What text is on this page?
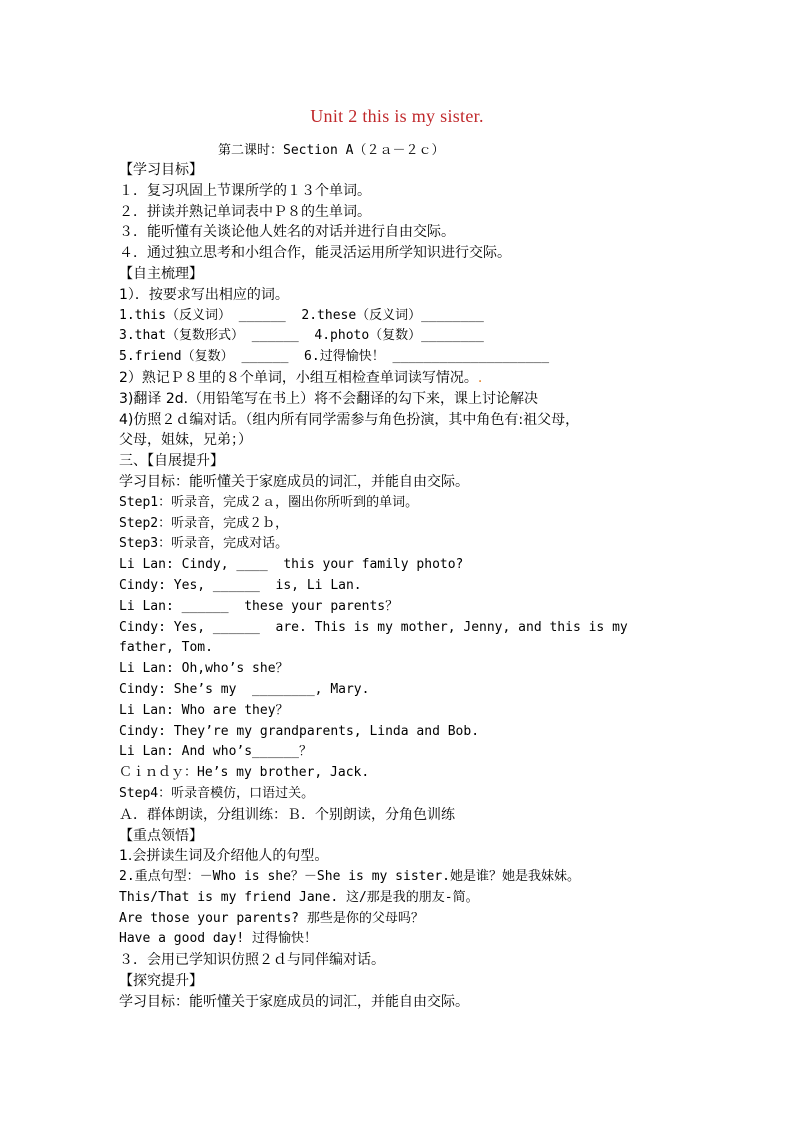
Unit 2 this is my sister.
第二课时：Section A（２ａ－２ｃ）
【学习目标】
１．复习巩固上节课所学的１３个单词。
２．拼读并熟记单词表中Ｐ８的生单词。
３．能听懂有关谈论他人姓名的对话并进行自由交际。
４．通过独立思考和小组合作，能灵活运用所学知识进行交际。
【自主梳理】
1）．按要求写出相应的词。
1.this（反义词） ______  2.these（反义词）________
3.that（复数形式） ______  4.photo（复数）________
5.friend（复数） ______  6.过得愉快！ ____________________
2）熟记Ｐ８里的８个单词，小组互相检查单词读写情况。.
3)翻译 2d.（用铅笔写在书上）将不会翻译的勾下来，课上讨论解决
4)仿照２ｄ编对话。（组内所有同学需参与角色扮演，其中角色有:祖父母，
父母，姐妹，兄弟；）
三、【自展提升】
学习目标：能听懂关于家庭成员的词汇，并能自由交际。
Step1：听录音，完成２ａ，圈出你所听到的单词。
Step2：听录音，完成２ｂ，
Step3：听录音，完成对话。
Li Lan: Cindy, ____  this your family photo?
Cindy: Yes, ______  is, Li Lan.
Li Lan: ______  these your parents？
Cindy: Yes, ______  are. This is my mother, Jenny, and this is my
father, Tom.
Li Lan: Oh,who’s she？
Cindy: She’s my  ________, Mary.
Li Lan: Who are they？
Cindy: They’re my grandparents, Linda and Bob.
Li Lan: And who’s______？
Ｃｉｎｄｙ：He’s my brother, Jack.
Step4：听录音模仿，口语过关。
Ａ．群体朗读，分组训练：Ｂ．个别朗读，分角色训练
【重点领悟】
1.会拼读生词及介绍他人的句型。
2.重点句型：－Who is she？－She is my sister.她是谁？她是我妹妹。
This/That is my friend Jane. 这/那是我的朋友-简。
Are those your parents? 那些是你的父母吗？
Have a good day! 过得愉快！
３．会用已学知识仿照２ｄ与同伴编对话。
【探究提升】
学习目标：能听懂关于家庭成员的词汇，并能自由交际。
